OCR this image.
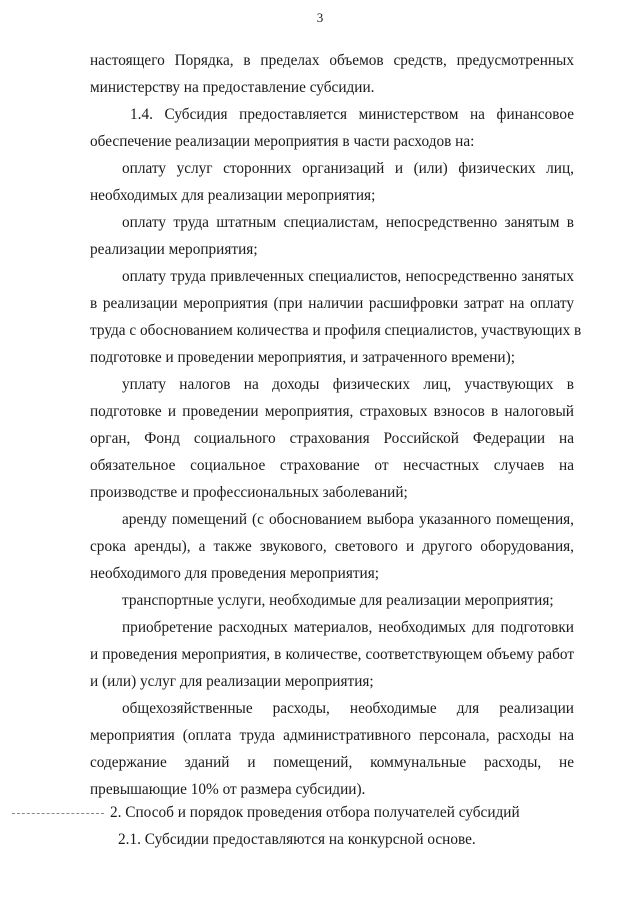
3
настоящего Порядка, в пределах объемов средств, предусмотренных
министерству на предоставление субсидии.
1.4. Субсидия предоставляется министерством на финансовое
обеспечение реализации мероприятия в части расходов на:
оплату услуг сторонних организаций и (или) физических лиц,
необходимых для реализации мероприятия;
оплату труда штатным специалистам, непосредственно занятым в
реализации мероприятия;
оплату труда привлеченных специалистов, непосредственно занятых
в реализации мероприятия (при наличии расшифровки затрат на оплату
труда с обоснованием количества и профиля специалистов, участвующих в
подготовке и проведении мероприятия, и затраченного времени);
уплату налогов на доходы физических лиц, участвующих в
подготовке и проведении мероприятия, страховых взносов в налоговый
орган, Фонд социального страхования Российской Федерации на
обязательное социальное страхование от несчастных случаев на
производстве и профессиональных заболеваний;
аренду помещений (с обоснованием выбора указанного помещения,
срока аренды), а также звукового, светового и другого оборудования,
необходимого для проведения мероприятия;
транспортные услуги, необходимые для реализации мероприятия;
приобретение расходных материалов, необходимых для подготовки
и проведения мероприятия, в количестве, соответствующем объему работ
и (или) услуг для реализации мероприятия;
общехозяйственные расходы, необходимые для реализации
мероприятия (оплата труда административного персонала, расходы на
содержание зданий и помещений, коммунальные расходы, не
превышающие 10% от размера субсидии).
2. Способ и порядок проведения отбора получателей субсидий
2.1. Субсидии предоставляются на конкурсной основе.
